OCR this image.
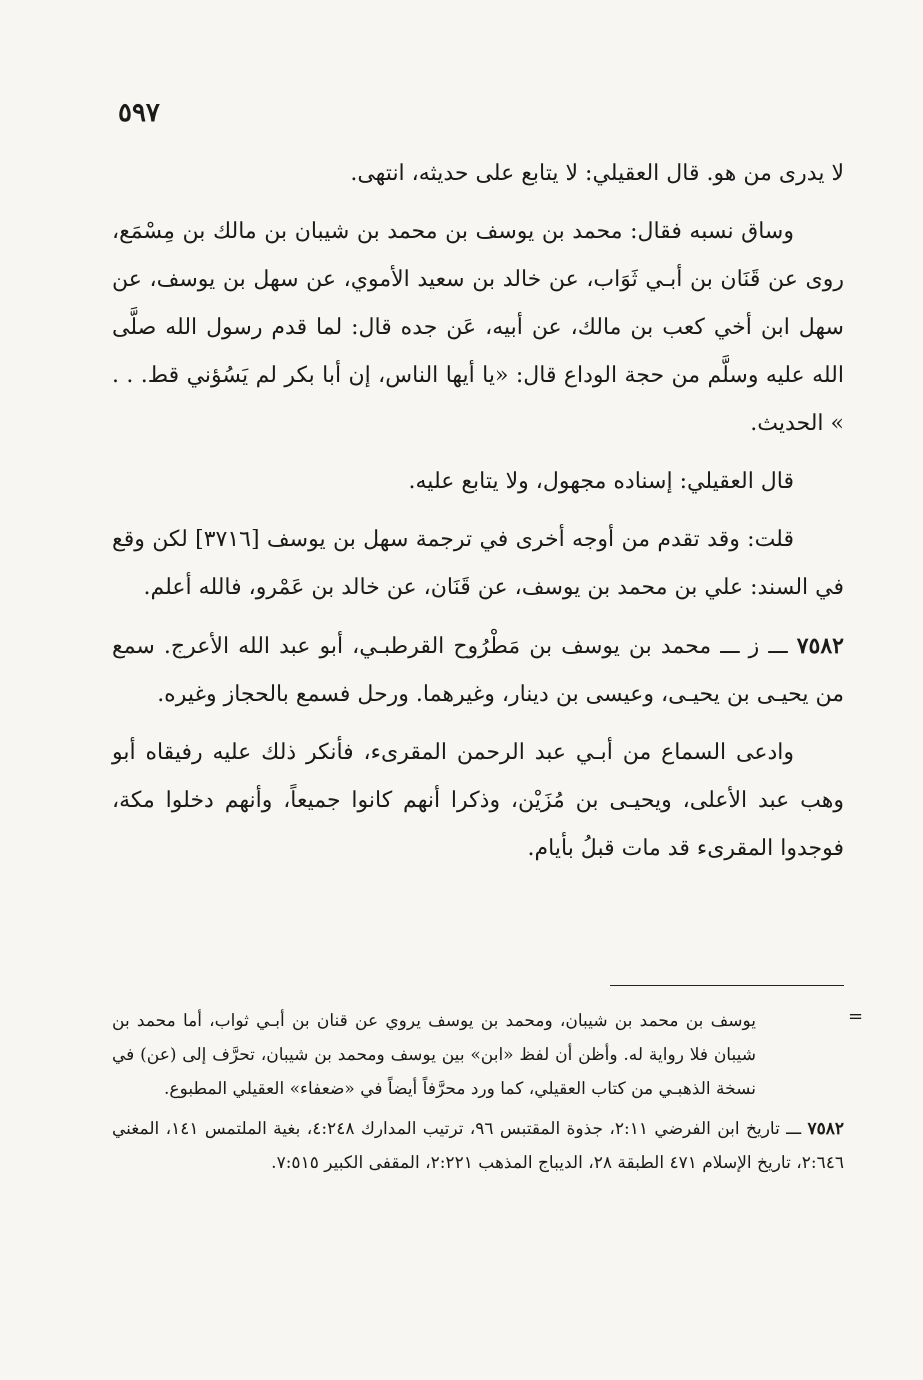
٥٩٧

لا يدرى من هو. قال العقيلي: لا يتابع على حديثه، انتهى.

وساق نسبه فقال: محمد بن يوسف بن محمد بن شيبان بن مالك بن مِسْمَع، روى عن قَنَان بن أبـي ثَوَاب، عن خالد بن سعيد الأموي، عن سهل بن يوسف، عن سهل ابن أخي كعب بن مالك، عن أبيه، عَن جده قال: لما قدم رسول الله صلَّى الله عليه وسلَّم من حجة الوداع قال: «يا أيها الناس، إن أبا بكر لم يَسُؤني قط. . . » الحديث.

قال العقيلي: إسناده مجهول، ولا يتابع عليه.

قلت: وقد تقدم من أوجه أخرى في ترجمة سهل بن يوسف [٣٧١٦] لكن وقع في السند: علي بن محمد بن يوسف، عن قَنَان، عن خالد بن عَمْرو، فالله أعلم.

٧٥٨٢ ـــ ز ـــ محمد بن يوسف بن مَطْرُوح القرطبـي، أبو عبد الله الأعرج. سمع من يحيـى بن يحيـى، وعيسى بن دينار، وغيرهما. ورحل فسمع بالحجاز وغيره.

وادعى السماع من أبـي عبد الرحمن المقرىء، فأنكر ذلك عليه رفيقاه أبو وهب عبد الأعلى، ويحيـى بن مُزَيْن، وذكرا أنهم كانوا جميعاً، وأنهم دخلوا مكة، فوجدوا المقرىء قد مات قبلُ بأيام.

=

يوسف بن محمد بن شيبان، ومحمد بن يوسف يروي عن قنان بن أبـي ثواب، أما محمد بن شيبان فلا رواية له. وأظن أن لفظ «ابن» بين يوسف ومحمد بن شيبان، تحرَّف إلى (عن) في نسخة الذهبـي من كتاب العقيلي، كما ورد محرَّفاً أيضاً في «ضعفاء» العقيلي المطبوع.

٧٥٨٢ ـــ تاريخ ابن الفرضي ٢:١١، جذوة المقتبس ٩٦، ترتيب المدارك ٤:٢٤٨، بغية الملتمس ١٤١، المغني ٢:٦٤٦، تاريخ الإسلام ٤٧١ الطبقة ٢٨، الديباج المذهب ٢:٢٢١، المقفى الكبير ٧:٥١٥.
